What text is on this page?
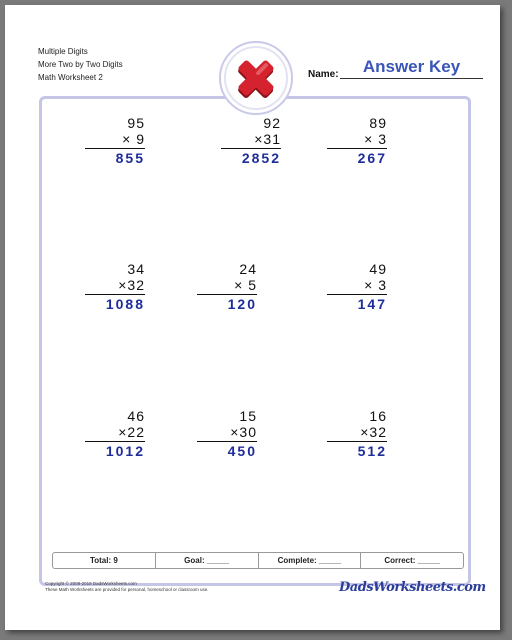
Multiple Digits
More Two by Two Digits
Math Worksheet 2	Name:	Answer Key
95
× 9
855
92
×31
2852
89
× 3
267
34
×32
1088
24
× 5
120
49
× 3
147
46
×22
1012
15
×30
450
16
×32
512
Total: 9	Goal: _____	Complete: _____	Correct: _____
Copyright © 2008-2018 DadsWorksheets.com
These Math Worksheets are provided for personal, homeschool or classroom use.	DadsWorksheets.com
